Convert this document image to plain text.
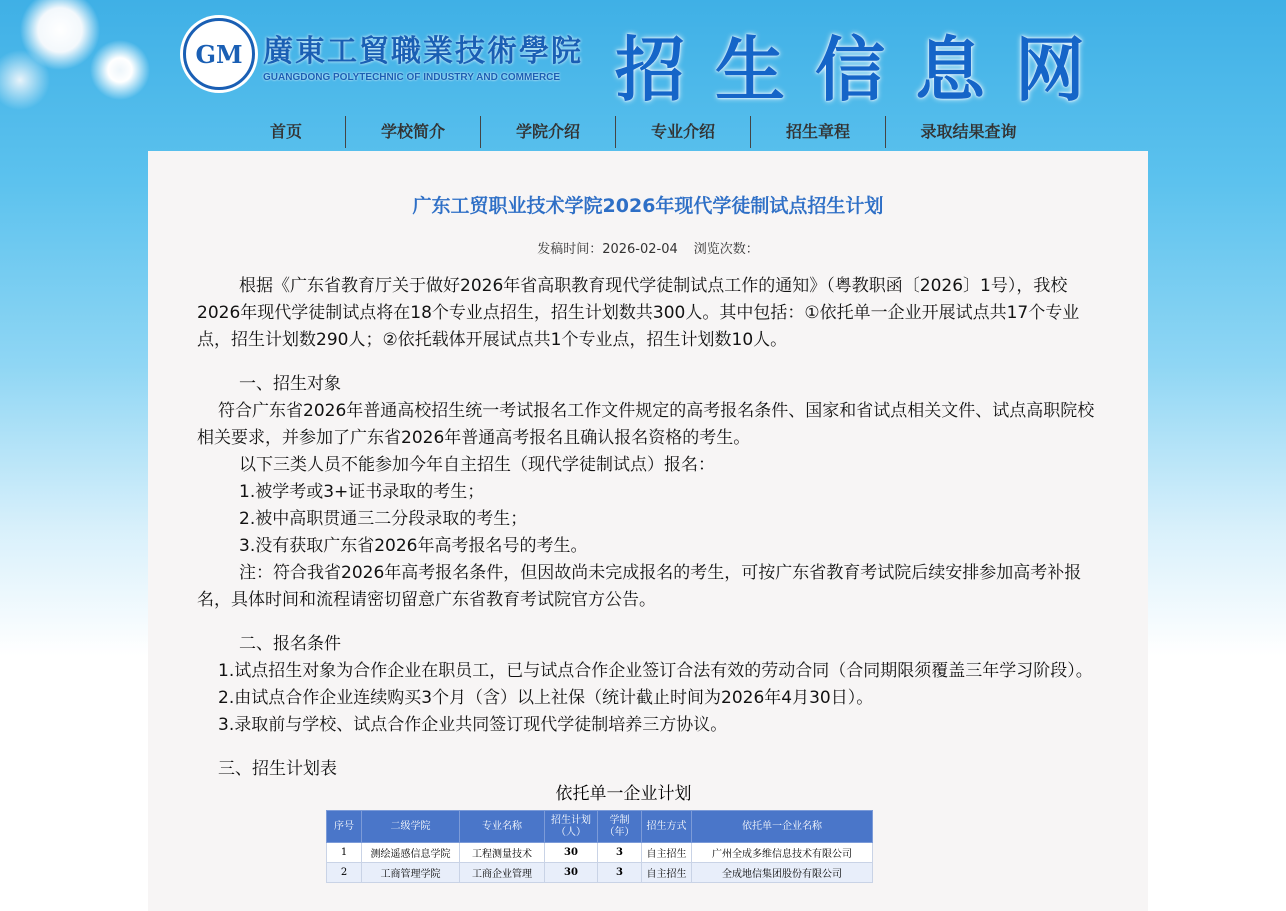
GM 廣東工貿職業技術學院
GUANGDONG POLYTECHNIC OF INDUSTRY AND COMMERCE 招生信息网
首页	学校简介	学院介绍	专业介绍	招生章程	录取结果查询
广东工贸职业技术学院2026年现代学徒制试点招生计划
发稿时间：2026-02-04 浏览次数：

根据《广东省教育厅关于做好2026年省高职教育现代学徒制试点工作的通知》（粤教职函〔2026〕1号），我校2026年现代学徒制试点将在18个专业点招生，招生计划数共300人。其中包括：①依托单一企业开展试点共17个专业点，招生计划数290人；②依托载体开展试点共1个专业点，招生计划数10人。

一、招生对象

符合广东省2026年普通高校招生统一考试报名工作文件规定的高考报名条件、国家和省试点相关文件、试点高职院校相关要求，并参加了广东省2026年普通高考报名且确认报名资格的考生。

以下三类人员不能参加今年自主招生（现代学徒制试点）报名：

1.被学考或3+证书录取的考生；

2.被中高职贯通三二分段录取的考生；

3.没有获取广东省2026年高考报名号的考生。

注：符合我省2026年高考报名条件，但因故尚未完成报名的考生，可按广东省教育考试院后续安排参加高考补报名，具体时间和流程请密切留意广东省教育考试院官方公告。

二、报名条件

1.试点招生对象为合作企业在职员工，已与试点合作企业签订合法有效的劳动合同（合同期限须覆盖三年学习阶段）。

2.由试点合作企业连续购买3个月（含）以上社保（统计截止时间为2026年4月30日）。

3.录取前与学校、试点合作企业共同签订现代学徒制培养三方协议。

三、招生计划表

依托单一企业计划
序号	二级学院	专业名称	招生计划（人）	学制（年）	招生方式	依托单一企业名称
1	测绘遥感信息学院	工程测量技术	30	3	自主招生	广州全成多维信息技术有限公司
2	工商管理学院	工商企业管理	30	3	自主招生	全成地信集团股份有限公司
